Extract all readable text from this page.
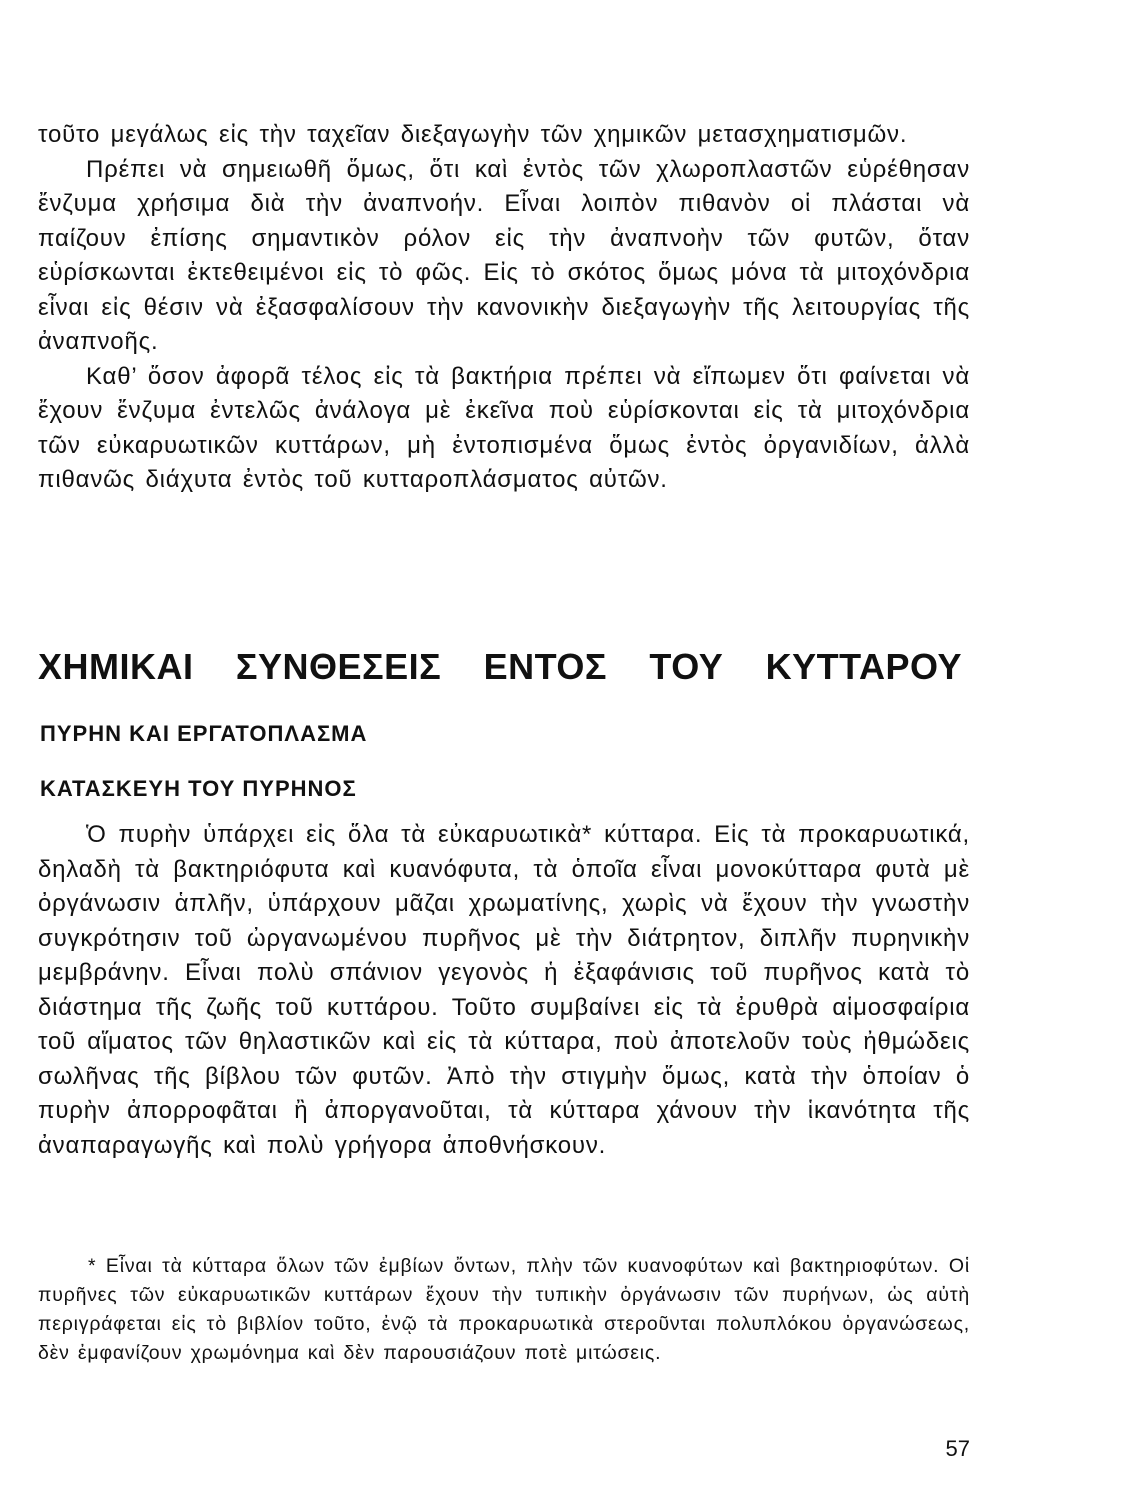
τοῦτο μεγάλως εἰς τὴν ταχεῖαν διεξαγωγὴν τῶν χημικῶν μετασχηματισμῶν.

Πρέπει νὰ σημειωθῆ ὅμως, ὅτι καὶ ἐντὸς τῶν χλωροπλαστῶν εὑρέθησαν ἔνζυμα χρήσιμα διὰ τὴν ἀναπνοήν. Εἶναι λοιπὸν πιθανὸν οἱ πλάσται νὰ παίζουν ἐπίσης σημαντικὸν ρόλον εἰς τὴν ἀναπνοὴν τῶν φυτῶν, ὅταν εὑρίσκωνται ἐκτεθειμένοι εἰς τὸ φῶς. Εἰς τὸ σκότος ὅμως μόνα τὰ μιτοχόνδρια εἶναι εἰς θέσιν νὰ ἐξασφαλίσουν τὴν κανονικὴν διεξαγωγὴν τῆς λειτουργίας τῆς ἀναπνοῆς.

Καθ’ ὅσον ἀφορᾶ τέλος εἰς τὰ βακτήρια πρέπει νὰ εἴπωμεν ὅτι φαίνεται νὰ ἔχουν ἔνζυμα ἐντελῶς ἀνάλογα μὲ ἐκεῖνα ποὺ εὑρίσκονται εἰς τὰ μιτοχόνδρια τῶν εὐκαρυωτικῶν κυττάρων, μὴ ἐντοπισμένα ὅμως ἐντὸς ὀργανιδίων, ἀλλὰ πιθανῶς διάχυτα ἐντὸς τοῦ κυτταροπλάσματος αὐτῶν.

ΧΗΜΙΚΑΙ ΣΥΝΘΕΣΕΙΣ ΕΝΤΟΣ ΤΟΥ ΚΥΤΤΑΡΟΥ
ΠΥΡΗΝ ΚΑΙ ΕΡΓΑΤΟΠΛΑΣΜΑ
ΚΑΤΑΣΚΕΥΗ ΤΟΥ ΠΥΡΗΝΟΣ

Ὁ πυρὴν ὑπάρχει εἰς ὅλα τὰ εὐκαρυωτικὰ* κύτταρα. Εἰς τὰ προκαρυωτικά, δηλαδὴ τὰ βακτηριόφυτα καὶ κυανόφυτα, τὰ ὁποῖα εἶναι μονοκύτταρα φυτὰ μὲ ὀργάνωσιν ἁπλῆν, ὑπάρχουν μᾶζαι χρωματίνης, χωρὶς νὰ ἔχουν τὴν γνωστὴν συγκρότησιν τοῦ ὠργανωμένου πυρῆνος μὲ τὴν διάτρητον, διπλῆν πυρηνικὴν μεμβράνην. Εἶναι πολὺ σπάνιον γεγονὸς ἡ ἐξαφάνισις τοῦ πυρῆνος κατὰ τὸ διάστημα τῆς ζωῆς τοῦ κυττάρου. Τοῦτο συμβαίνει εἰς τὰ ἐρυθρὰ αἱμοσφαίρια τοῦ αἵματος τῶν θηλαστικῶν καὶ εἰς τὰ κύτταρα, ποὺ ἀποτελοῦν τοὺς ἠθμώδεις σωλῆνας τῆς βίβλου τῶν φυτῶν. Ἀπὸ τὴν στιγμὴν ὅμως, κατὰ τὴν ὁποίαν ὁ πυρὴν ἀπορροφᾶται ἢ ἀποργανοῦται, τὰ κύτταρα χάνουν τὴν ἱκανότητα τῆς ἀναπαραγωγῆς καὶ πολὺ γρήγορα ἀποθνήσκουν.

* Εἶναι τὰ κύτταρα ὅλων τῶν ἐμβίων ὄντων, πλὴν τῶν κυανοφύτων καὶ βακτηριοφύτων. Οἱ πυρῆνες τῶν εὐκαρυωτικῶν κυττάρων ἔχουν τὴν τυπικὴν ὀργάνωσιν τῶν πυρήνων, ὡς αὐτὴ περιγράφεται εἰς τὸ βιβλίον τοῦτο, ἐνῷ τὰ προκαρυωτικὰ στεροῦνται πολυπλόκου ὀργανώσεως, δὲν ἐμφανίζουν χρωμόνημα καὶ δὲν παρουσιάζουν ποτὲ μιτώσεις.

57
